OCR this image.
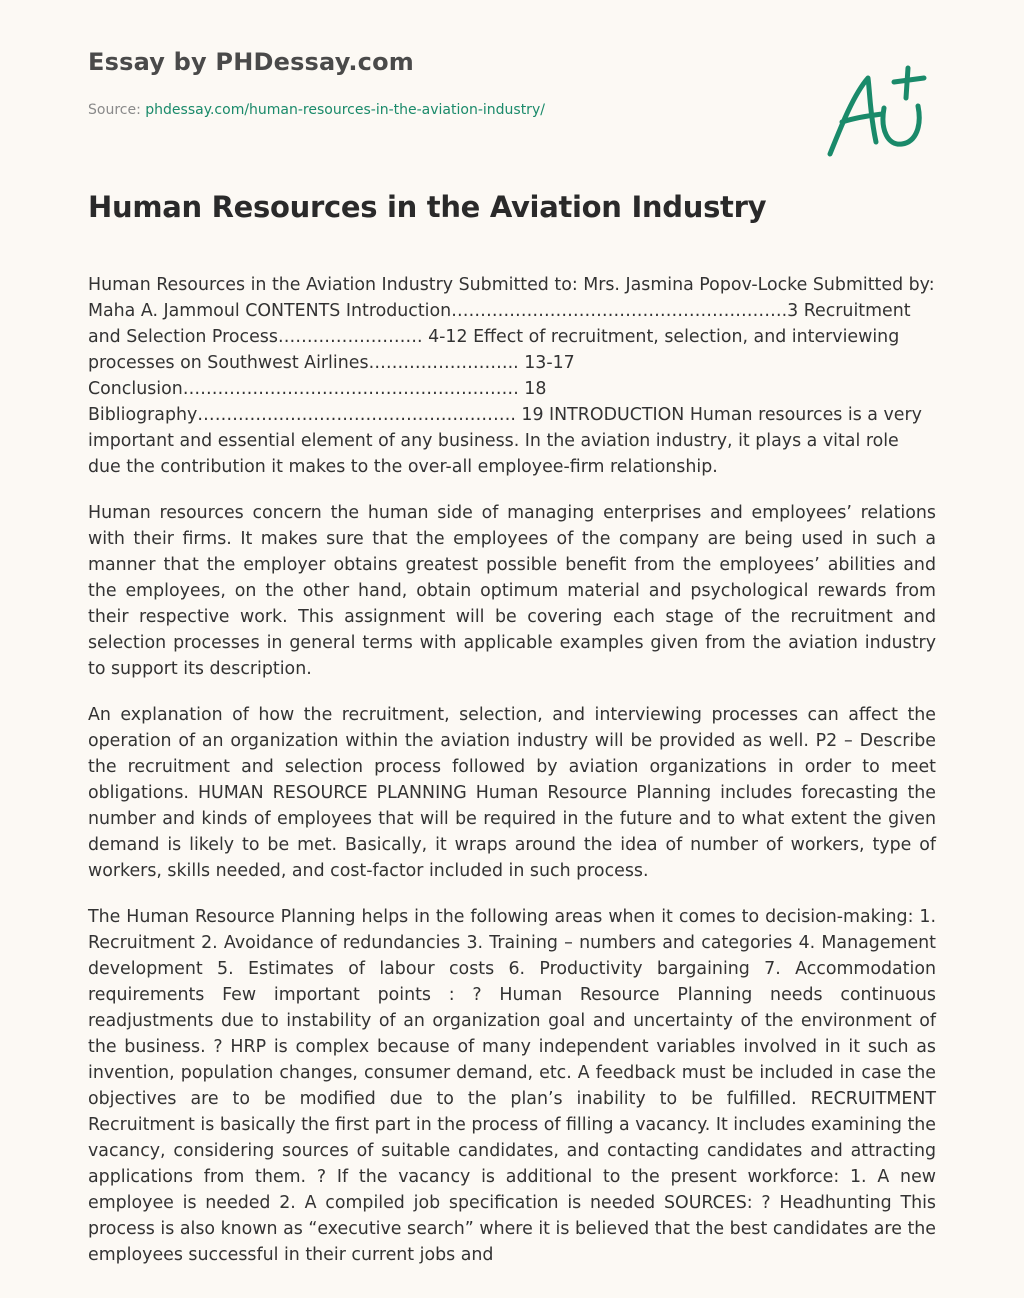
Essay by PHDessay.com
Source: phdessay.com/human-resources-in-the-aviation-industry/
Human Resources in the Aviation Industry

Human Resources in the Aviation Industry Submitted to: Mrs. Jasmina Popov-Locke Submitted by: Maha A. Jammoul CONTENTS Introduction………………………………………………….3 Recruitment and Selection Process……………………. 4-12 Effect of recruitment, selection, and interviewing processes on Southwest Airlines…………………….. 13-17 Conclusion…………………………………………………. 18 Bibliography………………………………………………. 19 INTRODUCTION Human resources is a very important and essential element of any business. In the aviation industry, it plays a vital role due the contribution it makes to the over-all employee-firm relationship.

Human resources concern the human side of managing enterprises and employees’ relations with their firms. It makes sure that the employees of the company are being used in such a manner that the employer obtains greatest possible benefit from the employees’ abilities and the employees, on the other hand, obtain optimum material and psychological rewards from their respective work. This assignment will be covering each stage of the recruitment and selection processes in general terms with applicable examples given from the aviation industry to support its description.

An explanation of how the recruitment, selection, and interviewing processes can affect the operation of an organization within the aviation industry will be provided as well. P2 – Describe the recruitment and selection process followed by aviation organizations in order to meet obligations. HUMAN RESOURCE PLANNING Human Resource Planning includes forecasting the number and kinds of employees that will be required in the future and to what extent the given demand is likely to be met. Basically, it wraps around the idea of number of workers, type of workers, skills needed, and cost-factor included in such process.

The Human Resource Planning helps in the following areas when it comes to decision-making: 1. Recruitment 2. Avoidance of redundancies 3. Training – numbers and categories 4. Management development 5. Estimates of labour costs 6. Productivity bargaining 7. Accommodation requirements Few important points : ? Human Resource Planning needs continuous readjustments due to instability of an organization goal and uncertainty of the environment of the business. ? HRP is complex because of many independent variables involved in it such as invention, population changes, consumer demand, etc. A feedback must be included in case the objectives are to be modified due to the plan’s inability to be fulfilled. RECRUITMENT Recruitment is basically the first part in the process of filling a vacancy. It includes examining the vacancy, considering sources of suitable candidates, and contacting candidates and attracting applications from them. ? If the vacancy is additional to the present workforce: 1. A new employee is needed 2. A compiled job specification is needed SOURCES: ? Headhunting This process is also known as “executive search” where it is believed that the best candidates are the employees successful in their current jobs and
